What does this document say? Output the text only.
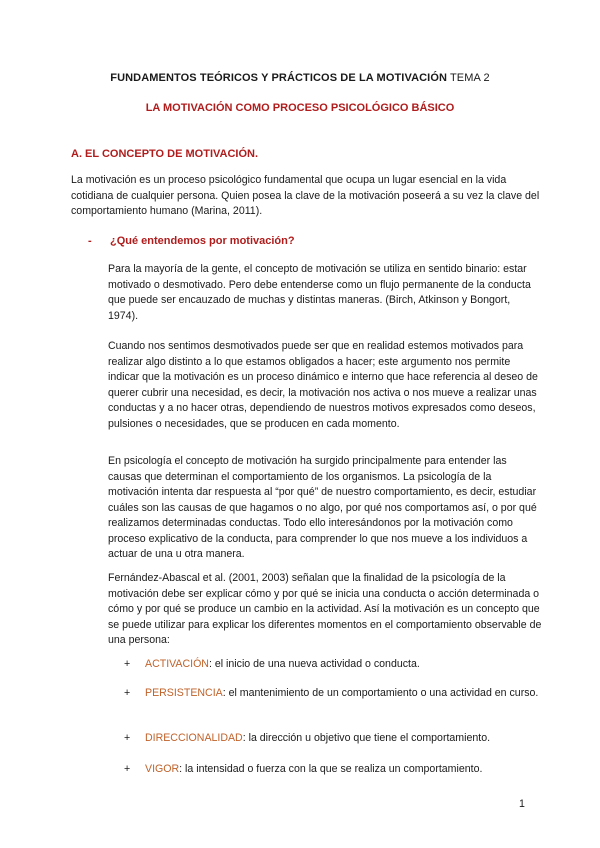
FUNDAMENTOS TEÓRICOS Y PRÁCTICOS DE LA MOTIVACIÓN TEMA 2
LA MOTIVACIÓN COMO PROCESO PSICOLÓGICO BÁSICO
A. EL CONCEPTO DE MOTIVACIÓN.

La motivación es un proceso psicológico fundamental que ocupa un lugar esencial en la vida cotidiana de cualquier persona. Quien posea la clave de la motivación poseerá a su vez la clave del comportamiento humano (Marina, 2011).

- ¿Qué entendemos por motivación?

Para la mayoría de la gente, el concepto de motivación se utiliza en sentido binario: estar motivado o desmotivado. Pero debe entenderse como un flujo permanente de la conducta que puede ser encauzado de muchas y distintas maneras. (Birch, Atkinson y Bongort, 1974).

Cuando nos sentimos desmotivados puede ser que en realidad estemos motivados para realizar algo distinto a lo que estamos obligados a hacer; este argumento nos permite indicar que la motivación es un proceso dinámico e interno que hace referencia al deseo de querer cubrir una necesidad, es decir, la motivación nos activa o nos mueve a realizar unas conductas y a no hacer otras, dependiendo de nuestros motivos expresados como deseos, pulsiones o necesidades, que se producen en cada momento.

En psicología el concepto de motivación ha surgido principalmente para entender las causas que determinan el comportamiento de los organismos. La psicología de la motivación intenta dar respuesta al “por qué” de nuestro comportamiento, es decir, estudiar cuáles son las causas de que hagamos o no algo, por qué nos comportamos así, o por qué realizamos determinadas conductas. Todo ello interesándonos por la motivación como proceso explicativo de la conducta, para comprender lo que nos mueve a los individuos a actuar de una u otra manera.

Fernández-Abascal et al. (2001, 2003) señalan que la finalidad de la psicología de la motivación debe ser explicar cómo y por qué se inicia una conducta o acción determinada o cómo y por qué se produce un cambio en la actividad. Así la motivación es un concepto que se puede utilizar para explicar los diferentes momentos en el comportamiento observable de una persona:

+ ACTIVACIÓN: el inicio de una nueva actividad o conducta.
+ PERSISTENCIA: el mantenimiento de un comportamiento o una actividad en curso.
+ DIRECCIONALIDAD: la dirección u objetivo que tiene el comportamiento.
+ VIGOR: la intensidad o fuerza con la que se realiza un comportamiento.
1
